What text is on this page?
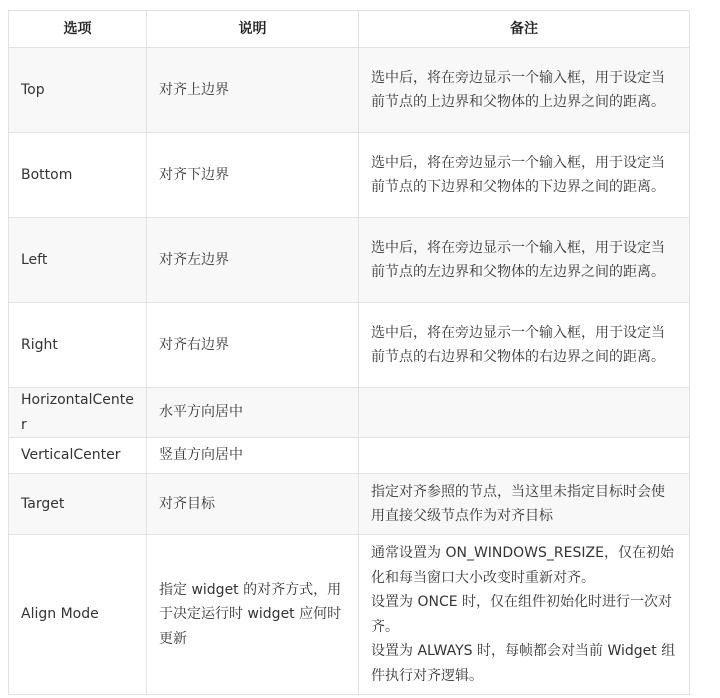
选项	说明	备注
Top	对齐上边界	选中后，将在旁边显示一个输入框，用于设定当前节点的上边界和父物体的上边界之间的距离。

Bottom	对齐下边界	选中后，将在旁边显示一个输入框，用于设定当前节点的下边界和父物体的下边界之间的距离。

Left	对齐左边界	选中后，将在旁边显示一个输入框，用于设定当前节点的左边界和父物体的左边界之间的距离。

Right	对齐右边界	选中后，将在旁边显示一个输入框，用于设定当前节点的右边界和父物体的右边界之间的距离。

HorizontalCenter	水平方向居中	

VerticalCenter	竖直方向居中	

Target	对齐目标	指定对齐参照的节点，当这里未指定目标时会使用直接父级节点作为对齐目标

Align Mode	指定 widget 的对齐方式，用于决定运行时 widget 应何时更新	通常设置为 ON_WINDOWS_RESIZE，仅在初始化和每当窗口大小改变时重新对齐。

设置为 ONCE 时，仅在组件初始化时进行一次对齐。

设置为 ALWAYS 时，每帧都会对当前 Widget 组件执行对齐逻辑。
